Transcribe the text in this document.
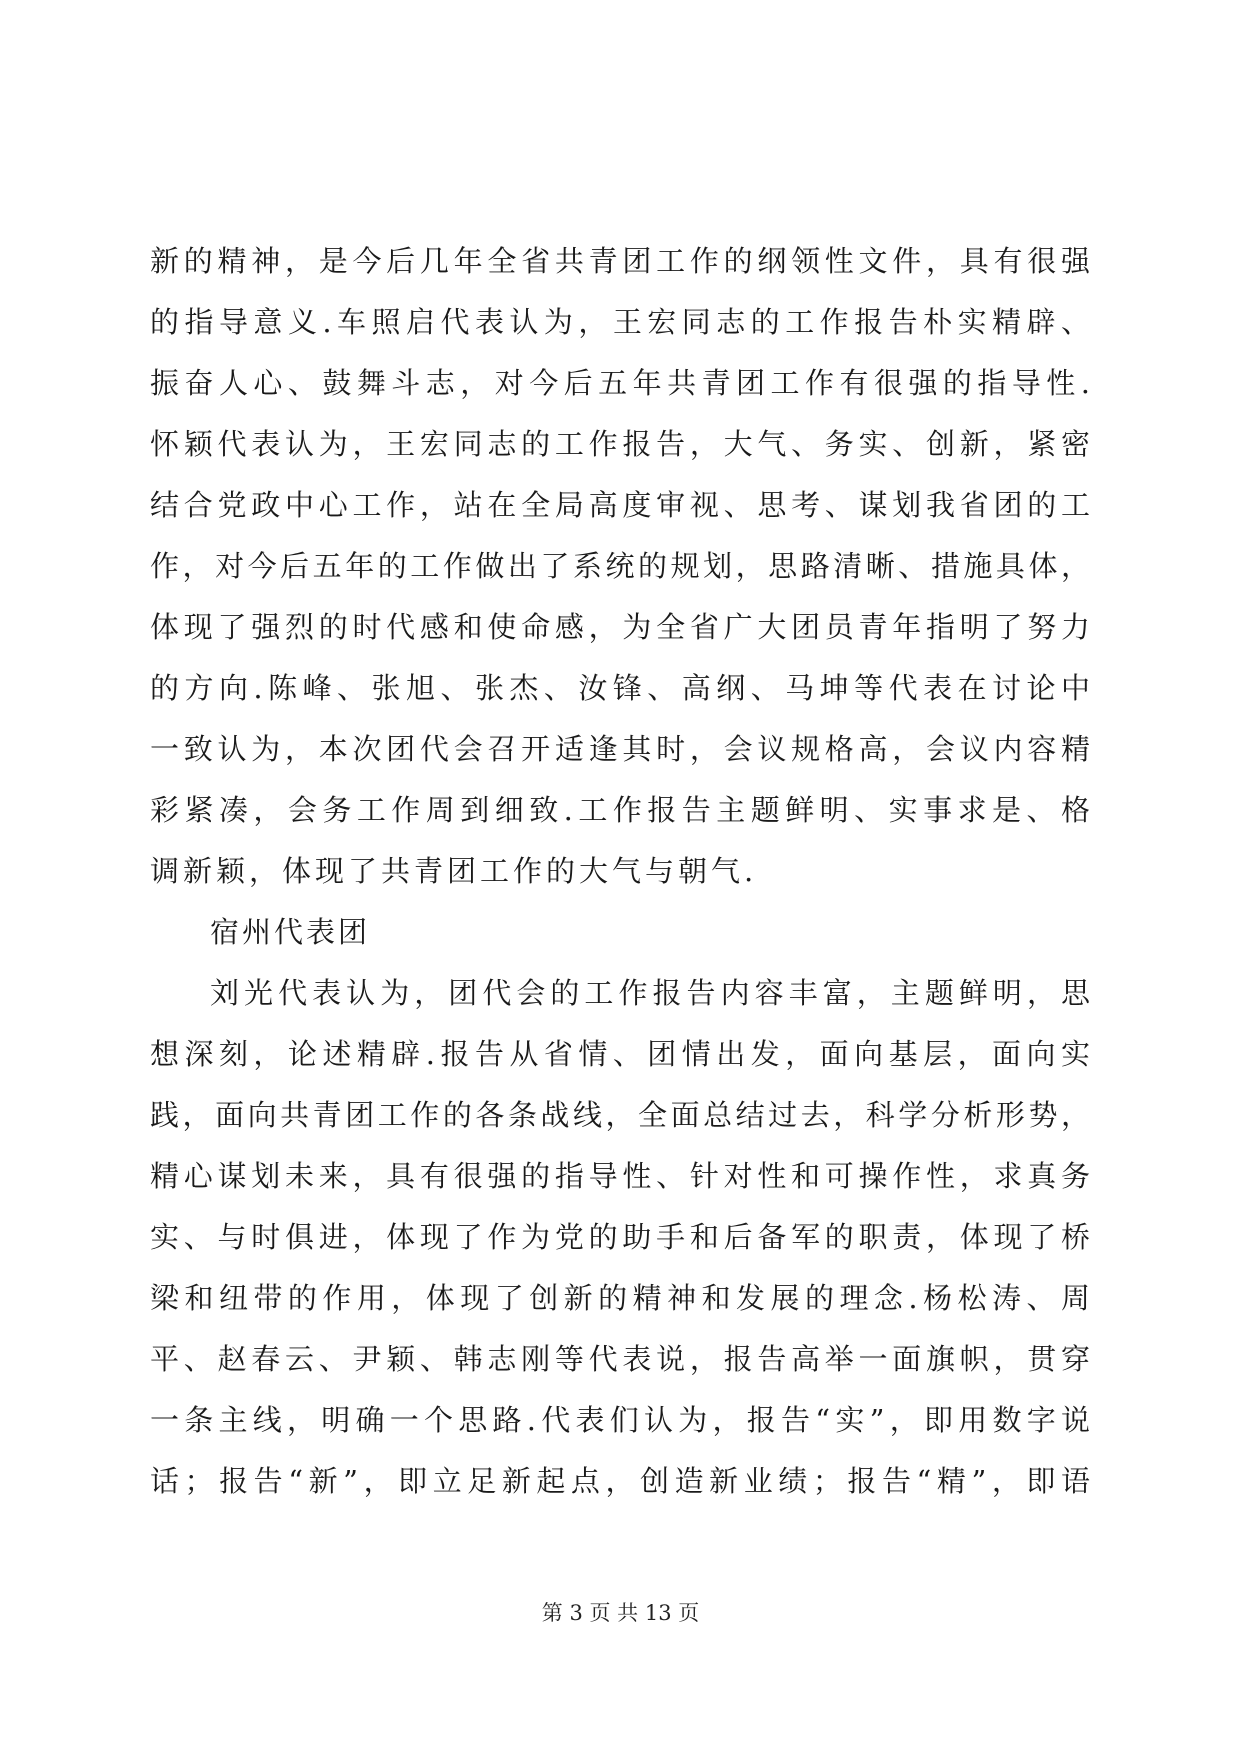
新的精神，是今后几年全省共青团工作的纲领性文件，具有很强
的指导意义.车照启代表认为，王宏同志的工作报告朴实精辟、
振奋人心、鼓舞斗志，对今后五年共青团工作有很强的指导性.
怀颖代表认为，王宏同志的工作报告，大气、务实、创新，紧密
结合党政中心工作，站在全局高度审视、思考、谋划我省团的工
作，对今后五年的工作做出了系统的规划，思路清晰、措施具体，
体现了强烈的时代感和使命感，为全省广大团员青年指明了努力
的方向.陈峰、张旭、张杰、汝锋、高纲、马坤等代表在讨论中
一致认为，本次团代会召开适逢其时，会议规格高，会议内容精
彩紧凑，会务工作周到细致.工作报告主题鲜明、实事求是、格
调新颖，体现了共青团工作的大气与朝气.
宿州代表团
刘光代表认为，团代会的工作报告内容丰富，主题鲜明，思
想深刻，论述精辟.报告从省情、团情出发，面向基层，面向实
践，面向共青团工作的各条战线，全面总结过去，科学分析形势，
精心谋划未来，具有很强的指导性、针对性和可操作性，求真务
实、与时俱进，体现了作为党的助手和后备军的职责，体现了桥
梁和纽带的作用，体现了创新的精神和发展的理念.杨松涛、周
平、赵春云、尹颖、韩志刚等代表说，报告高举一面旗帜，贯穿
一条主线，明确一个思路.代表们认为，报告“实”，即用数字说
话；报告“新”，即立足新起点，创造新业绩；报告“精”，即语
第 3 页 共 13 页
